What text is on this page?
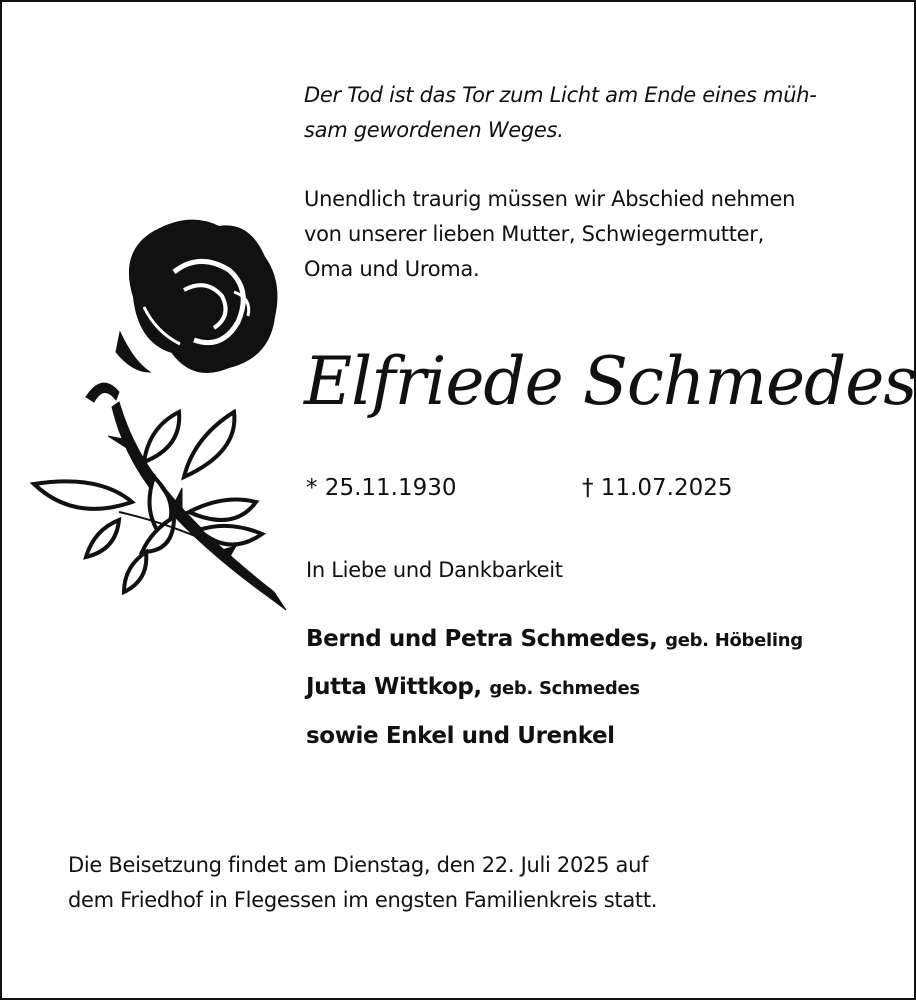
Der Tod ist das Tor zum Licht am Ende eines müh-
sam gewordenen Weges.
Unendlich traurig müssen wir Abschied nehmen
von unserer lieben Mutter, Schwiegermutter,
Oma und Uroma.
Elfriede Schmedes
* 25.11.1930	† 11.07.2025
In Liebe und Dankbarkeit
Bernd und Petra Schmedes, geb. Höbeling
Jutta Wittkop, geb. Schmedes
sowie Enkel und Urenkel
Die Beisetzung findet am Dienstag, den 22. Juli 2025 auf
dem Friedhof in Flegessen im engsten Familienkreis statt.
